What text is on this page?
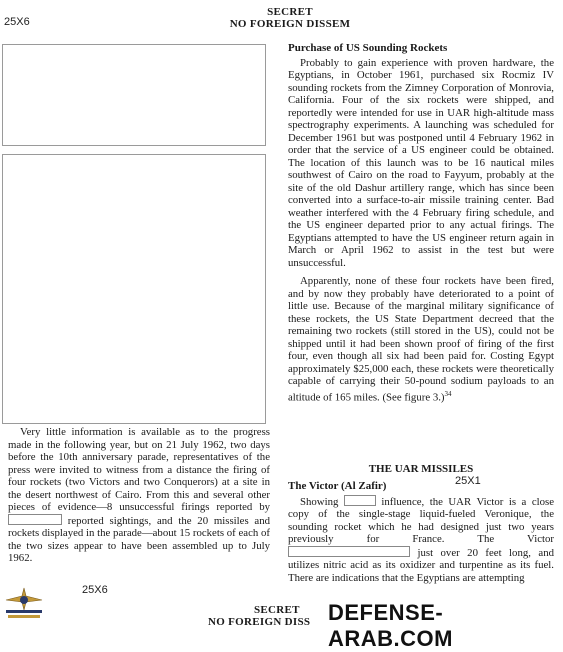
25X6
SECRET
NO FOREIGN DISSEM

Very little information is available as to the progress made in the following year, but on 21 July 1962, two days before the 10th anniversary parade, representatives of the press were invited to witness from a distance the firing of four rockets (two Victors and two Conquerors) at a site in the desert northwest of Cairo. From this and several other pieces of evidence—8 unsuccessful firings reported by  reported sightings, and the 20 missiles and rockets displayed in the parade—about 15 rockets of each of the two sizes appear to have been assembled up to July 1962.

25X6
Purchase of US Sounding Rockets

Probably to gain experience with proven hardware, the Egyptians, in October 1961, purchased six Rocmiz IV sounding rockets from the Zimney Corporation of Monrovia, California. Four of the six rockets were shipped, and reportedly were intended for use in UAR high-altitude mass spectrography experiments. A launching was scheduled for December 1961 but was postponed until 4 February 1962 in order that the service of a US engineer could be obtained. The location of this launch was to be 16 nautical miles southwest of Cairo on the road to Fayyum, probably at the site of the old Dashur artillery range, which has since been converted into a surface-to-air missile training center. Bad weather interfered with the 4 February firing schedule, and the US engineer departed prior to any actual firings. The Egyptians attempted to have the US engineer return again in March or April 1962 to assist in the test but were unsuccessful.

Apparently, none of these four rockets have been fired, and by now they probably have deteriorated to a point of little use. Because of the marginal military significance of these rockets, the US State Department decreed that the remaining two rockets (still stored in the US), could not be shipped until it had been shown proof of firing of the first four, even though all six had been paid for. Costing Egypt approximately $25,000 each, these rockets were theoretically capable of carrying their 50-pound sodium payloads to an altitude of 165 miles. (See figure 3.)$^{34}$

THE UAR MISSILES
25X1
The Victor (Al Zafir)

Showing	influence, the UAR Victor is a close copy of the single-stage liquid-fueled Veronique, the sounding rocket which he had designed just two years previously for France. The Victor  just over 20 feet long, and utilizes nitric acid as its oxidizer and turpentine as its fuel. There are indications that the Egyptians are attempting

SECRET
NO FOREIGN DISS DEFENSE-ARAB.COM
